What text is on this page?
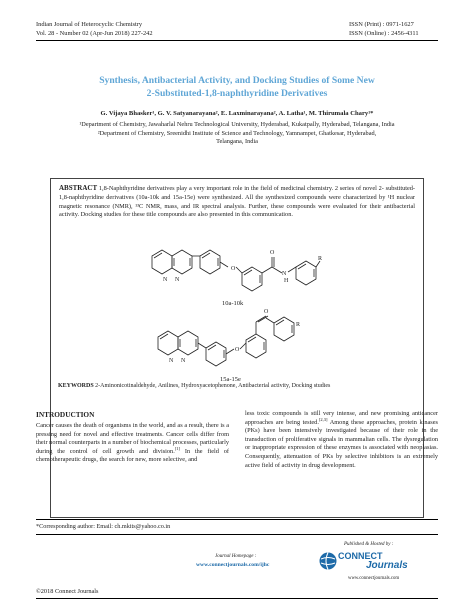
Indian Journal of Heterocyclic Chemistry
Vol. 28 - Number 02 (Apr-Jun 2018) 227-242
ISSN (Print) : 0971-1627
ISSN (Online) : 2456-4311
Synthesis, Antibacterial Activity, and Docking Studies of Some New
2-Substituted-1,8-naphthyridine Derivatives
G. Vijaya Bhasker¹, G. V. Satyanarayana², E. Laxminarayana², A. Latha¹, M. Thirumala Chary¹*
¹Department of Chemistry, Jawaharlal Nehru Technological University, Hyderabad, Kukatpally, Hyderabad, Telangana, India
²Department of Chemistry, Sreenidhi Institute of Science and Technology, Yamnampet, Ghatkesar, Hyderabad,
Telangana, India
ABSTRACT 1,8-Naphthyridine derivatives play a very important role in the field of medicinal chemistry. 2 series of novel 2- substituted-1,8-naphthyridine derivatives (10a-10k and 15a-15e) were synthesized. All the synthesized compounds were characterized by ¹H nuclear magnetic resonance (NMR), ¹³C NMR, mass, and IR spectral analysis. Further, these compounds were evaluated for their antibacterial activity. Docking studies for these title compounds are also presented in this communication.
N N
O
O
N
H
R
N N
O
O
R
10a-10k
15a-15e
KEYWORDS 2-Aminonicotinaldehyde, Anilines, Hydroxyacetophenone, Antibacterial activity, Docking studies
INTRODUCTION
Cancer causes the death of organisms in the world, and as a result, there is a pressing need for novel and effective treatments. Cancer cells differ from their normal counterparts in a number of biochemical processes, particularly during the control of cell growth and division.[1] In the field of chemotherapeutic drugs, the search for new, more selective, and
less toxic compounds is still very intense, and new promising anticancer approaches are being tested.[2,3] Among these approaches, protein kinases (PKs) have been intensively investigated because of their role in the transduction of proliferative signals in mammalian cells. The dysregulation or inappropriate expression of these enzymes is associated with neoplasias. Consequently, attenuation of PKs by selective inhibitors is an extremely active field of activity in drug development.
*Corresponding author: Email: ch.mkits@yahoo.co.in
Journal Homepage :
www.connectjournals.com/ijhc
Published & Hosted by :
CONNECT
Journals
www.connectjournals.com
©2018 Connect Journals
